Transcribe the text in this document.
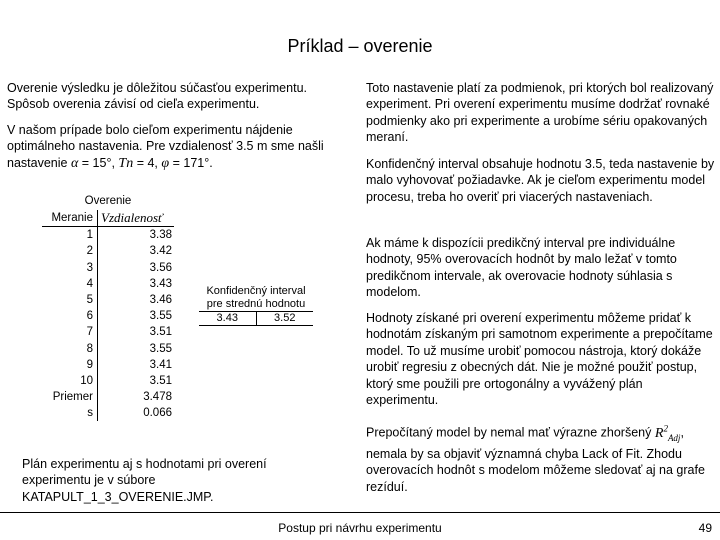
Príklad – overenie
Overenie výsledku je dôležitou súčasťou experimentu. Spôsob overenia závisí od cieľa experimentu.
V našom prípade bolo cieľom experimentu nájdenie optimálneho nastavenia. Pre vzdialenosť 3.5 m sme našli nastavenie α = 15°, Tn = 4, φ = 171°.
Overenie
Meranie Vzdialenosť
1	3.38
2	3.42
3	3.56
4	3.43
5	3.46
6	3.55
7	3.51
8	3.55
9	3.41
10	3.51
Priemer	3.478
s	0.066
Konfidenčný interval
pre strednú hodnotu
3.43	3.52
Plán experimentu aj s hodnotami pri overení experimentu je v súbore KATAPULT_1_3_OVERENIE.JMP.
Toto nastavenie platí za podmienok, pri ktorých bol realizovaný experiment. Pri overení experimentu musíme dodržať rovnaké podmienky ako pri experimente a urobíme sériu opakovaných meraní.
Konfidenčný interval obsahuje hodnotu 3.5, teda nastavenie by malo vyhovovať požiadavke. Ak je cieľom experimentu model procesu, treba ho overiť pri viacerých nastaveniach.
Ak máme k dispozícii predikčný interval pre individuálne hodnoty, 95% overovacích hodnôt by malo ležať v tomto predikčnom intervale, ak overovacie hodnoty súhlasia s modelom.
Hodnoty získané pri overení experimentu môžeme pridať k hodnotám získaným pri samotnom experimente a prepočítame model. To už musíme urobiť pomocou nástroja, ktorý dokáže urobiť regresiu z obecných dát. Nie je možné použiť postup, ktorý sme použili pre ortogonálny a vyvážený plán experimentu.
Prepočítaný model by nemal mať výrazne zhoršený $R^2_{Adj}$, nemala by sa objaviť významná chyba Lack of Fit. Zhodu overovacích hodnôt s modelom môžeme sledovať aj na grafe rezíduí.
Postup pri návrhu experimentu	49
